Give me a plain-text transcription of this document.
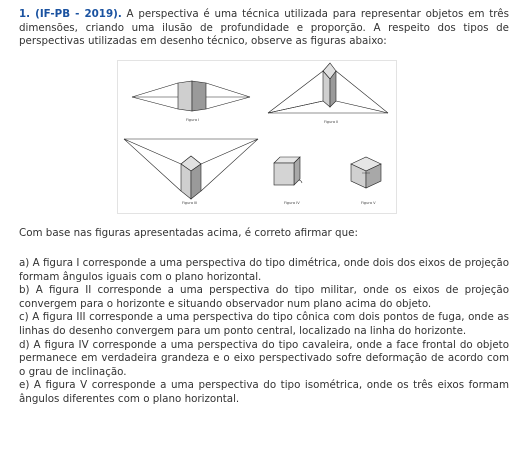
1. (IF-PB - 2019). A perspectiva é uma técnica utilizada para representar objetos em três dimensões, criando uma ilusão de profundidade e proporção. A respeito dos tipos de perspectivas utilizadas em desenho técnico, observe as figuras abaixo:
Figura I	Figura II
Figura III	Figura IV	Figura V
Com base nas figuras apresentadas acima, é correto afirmar que:

a) A figura I corresponde a uma perspectiva do tipo dimétrica, onde dois dos eixos de projeção formam ângulos iguais com o plano horizontal.

b) A figura II corresponde a uma perspectiva do tipo militar, onde os eixos de projeção convergem para o horizonte e situando observador num plano acima do objeto.

c) A figura III corresponde a uma perspectiva do tipo cônica com dois pontos de fuga, onde as linhas do desenho convergem para um ponto central, localizado na linha do horizonte.

d) A figura IV corresponde a uma perspectiva do tipo cavaleira, onde a face frontal do objeto permanece em verdadeira grandeza e o eixo perspectivado sofre deformação de acordo com o grau de inclinação.

e) A figura V corresponde a uma perspectiva do tipo isométrica, onde os três eixos formam ângulos diferentes com o plano horizontal.
